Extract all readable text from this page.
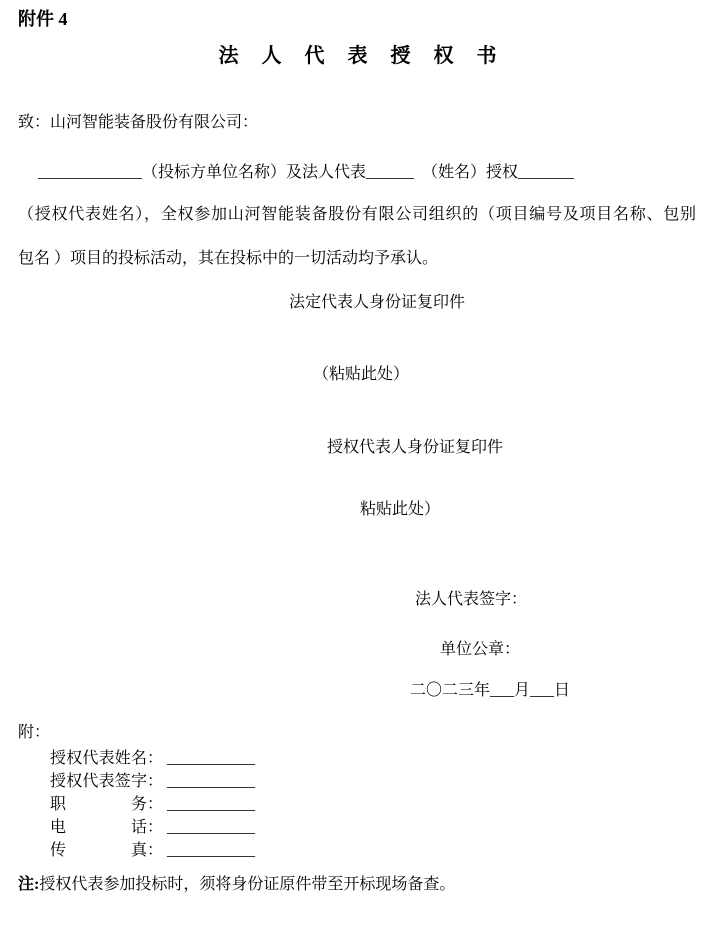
附件 4
法 人 代 表 授 权 书
致：山河智能装备股份有限公司：
_____________（投标方单位名称）及法人代表______　（姓名）授权_______
（授权代表姓名），全权参加山河智能装备股份有限公司组织的（项目编号及项目名称、包别
包名 ）项目的投标活动，其在投标中的一切活动均予承认。
法定代表人身份证复印件
（粘贴此处）
授权代表人身份证复印件
粘贴此处）
法人代表签字：
单位公章：
二〇二三年___月___日
附：
授权代表姓名： ___________
授权代表签字： ___________
职务： ___________
电话： ___________
传真： ___________
注:授权代表参加投标时，须将身份证原件带至开标现场备查。
